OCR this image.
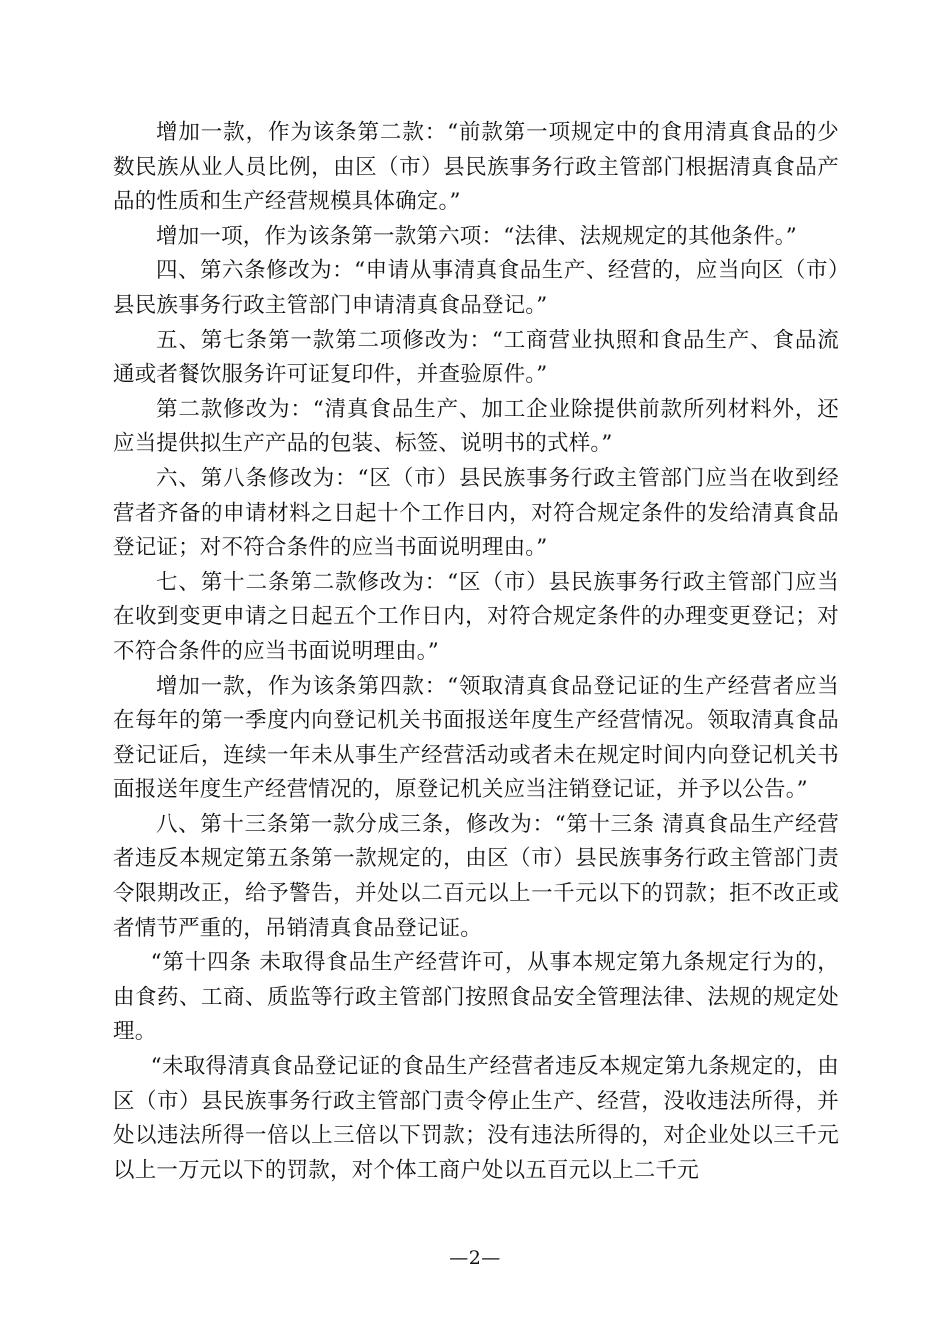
增加一款，作为该条第二款：“前款第一项规定中的食用清真食品的少数民族从业人员比例，由区（市）县民族事务行政主管部门根据清真食品产品的性质和生产经营规模具体确定。”

增加一项，作为该条第一款第六项：“法律、法规规定的其他条件。”

四、第六条修改为：“申请从事清真食品生产、经营的，应当向区（市）县民族事务行政主管部门申请清真食品登记。”

五、第七条第一款第二项修改为：“工商营业执照和食品生产、食品流通或者餐饮服务许可证复印件，并查验原件。”

第二款修改为：“清真食品生产、加工企业除提供前款所列材料外，还应当提供拟生产产品的包装、标签、说明书的式样。”

六、第八条修改为：“区（市）县民族事务行政主管部门应当在收到经营者齐备的申请材料之日起十个工作日内，对符合规定条件的发给清真食品登记证；对不符合条件的应当书面说明理由。”

七、第十二条第二款修改为：“区（市）县民族事务行政主管部门应当在收到变更申请之日起五个工作日内，对符合规定条件的办理变更登记；对不符合条件的应当书面说明理由。”

增加一款，作为该条第四款：“领取清真食品登记证的生产经营者应当在每年的第一季度内向登记机关书面报送年度生产经营情况。领取清真食品登记证后，连续一年未从事生产经营活动或者未在规定时间内向登记机关书面报送年度生产经营情况的，原登记机关应当注销登记证，并予以公告。”

八、第十三条第一款分成三条，修改为：“第十三条 清真食品生产经营者违反本规定第五条第一款规定的，由区（市）县民族事务行政主管部门责令限期改正，给予警告，并处以二百元以上一千元以下的罚款；拒不改正或者情节严重的，吊销清真食品登记证。

“第十四条 未取得食品生产经营许可，从事本规定第九条规定行为的，由食药、工商、质监等行政主管部门按照食品安全管理法律、法规的规定处理。

“未取得清真食品登记证的食品生产经营者违反本规定第九条规定的，由区（市）县民族事务行政主管部门责令停止生产、经营，没收违法所得，并处以违法所得一倍以上三倍以下罚款；没有违法所得的，对企业处以三千元以上一万元以下的罚款，对个体工商户处以五百元以上二千元

—2—
